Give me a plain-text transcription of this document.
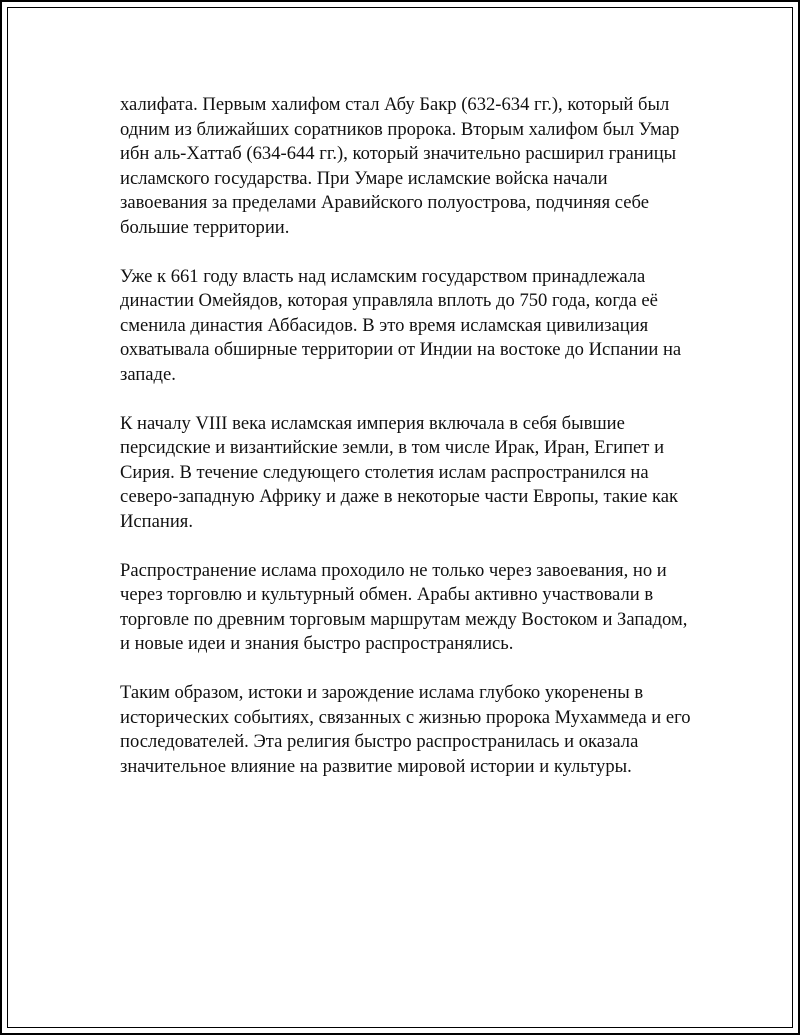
халифата. Первым халифом стал Абу Бакр (632-634 гг.), который был
одним из ближайших соратников пророка. Вторым халифом был Умар
ибн аль-Хаттаб (634-644 гг.), который значительно расширил границы
исламского государства. При Умаре исламские войска начали
завоевания за пределами Аравийского полуострова, подчиняя себе
большие территории.

Уже к 661 году власть над исламским государством принадлежала
династии Омейядов, которая управляла вплоть до 750 года, когда её
сменила династия Аббасидов. В это время исламская цивилизация
охватывала обширные территории от Индии на востоке до Испании на
западе.

К началу VIII века исламская империя включала в себя бывшие
персидские и византийские земли, в том числе Ирак, Иран, Египет и
Сирия. В течение следующего столетия ислам распространился на
северо-западную Африку и даже в некоторые части Европы, такие как
Испания.

Распространение ислама проходило не только через завоевания, но и
через торговлю и культурный обмен. Арабы активно участвовали в
торговле по древним торговым маршрутам между Востоком и Западом,
и новые идеи и знания быстро распространялись.

Таким образом, истоки и зарождение ислама глубоко укоренены в
исторических событиях, связанных с жизнью пророка Мухаммеда и его
последователей. Эта религия быстро распространилась и оказала
значительное влияние на развитие мировой истории и культуры.
